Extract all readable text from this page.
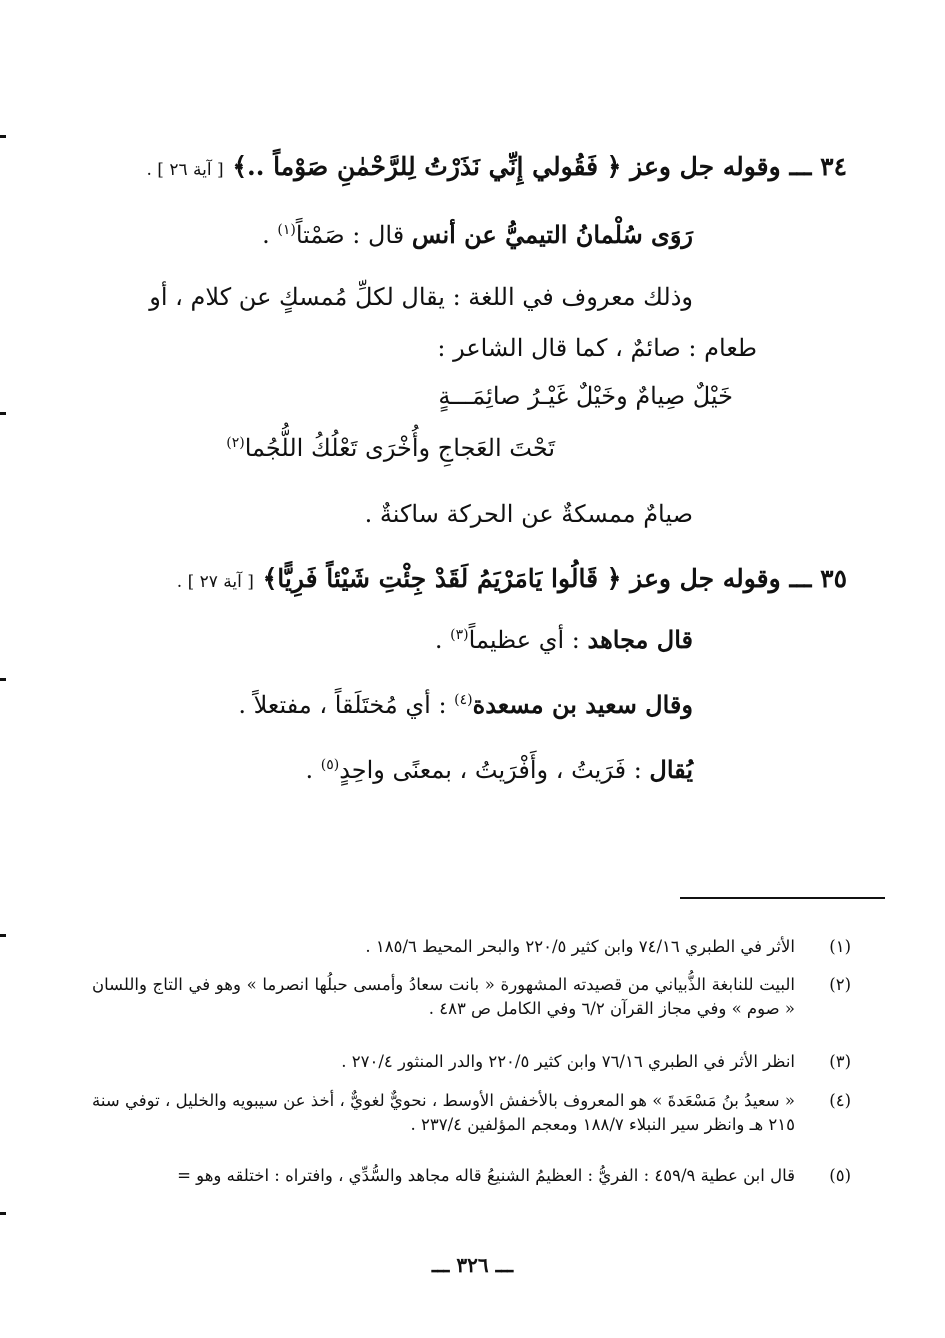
٣٤ ـــ وقوله جل وعز ﴿ فَقُولي إِنِّي نَذَرْتُ لِلرَّحْمٰنِ صَوْماً ..﴾ [ آية ٢٦ ] .
رَوَى سُلْمانُ التيميُّ عن أنس قال : صَمْتاً$^{(١)}$ .
وذلك معروف في اللغة : يقال لكلِّ مُمسكٍ عن كلام ، أو
طعام : صائمٌ ، كما قال الشاعر :
خَيْلٌ صِيامٌ وخَيْلٌ غَيْـرُ صائِمَـــةٍ
تَحْتَ العَجاجِ وأُخْرَى تَعْلُكُ اللُّجُما$^{(٢)}$
صيامٌ ممسكةٌ عن الحركة ساكنةٌ .
٣٥ ـــ وقوله جل وعز ﴿ قَالُوا يَامَرْيَمُ لَقَدْ جِئْتِ شَيْئاً فَرِيًّا﴾ [ آية ٢٧ ] .
قال مجاهد : أي عظيماً$^{(٣)}$ .
وقال سعيد بن مسعدة$^{(٤)}$ : أي مُختَلَقاً ، مفتعلاً .
يُقال : فَرَيتُ ، وأَفْرَيتُ ، بمعنًى واحِدٍ$^{(٥)}$ .
(١)
الأثر في الطبري ٧٤/١٦ وابن كثير ٢٢٠/٥ والبحر المحيط ١٨٥/٦ .
(٢)
البيت للنابغة الذُّبياني من قصيدته المشهورة « بانت سعادُ وأمسى حبلُها انصرما » وهو في التاج واللسان « صوم » وفي مجاز القرآن ٦/٢ وفي الكامل ص ٤٨٣ .
(٣)
انظر الأثر في الطبري ٧٦/١٦ وابن كثير ٢٢٠/٥ والدر المنثور ٢٧٠/٤ .
(٤)
« سعيدُ بنُ مَسْعَدةَ » هو المعروف بالأخفش الأوسط ، نحويٌّ لغويٌّ ، أخذ عن سيبويه والخليل ، توفي سنة ٢١٥ هـ وانظر سير النبلاء ١٨٨/٧ ومعجم المؤلفين ٢٣٧/٤ .
(٥)
قال ابن عطية ٤٥٩/٩ : الفريُّ : العظيمُ الشنيعُ قاله مجاهد والسُّدِّي ، وافتراه : اختلقه وهو =
ـــ ٣٢٦ ـــ
